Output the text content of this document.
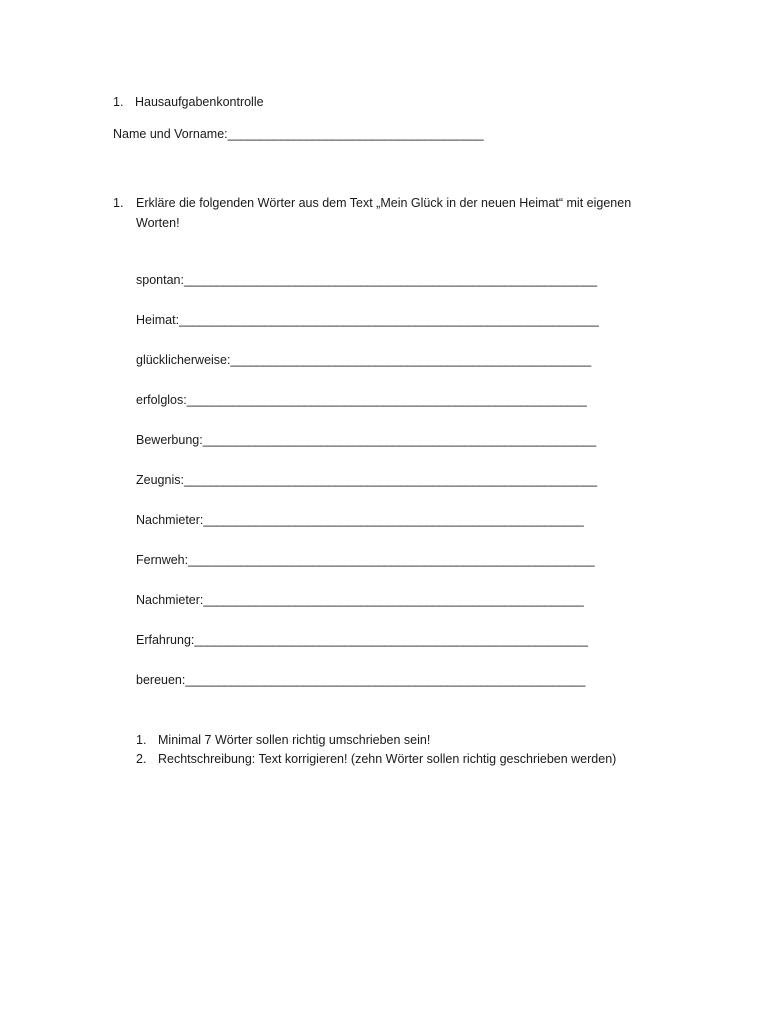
1. Hausaufgabenkontrolle
Name und Vorname:_______________________________________
1. Erkläre die folgenden Wörter aus dem Text „Mein Glück in der neuen Heimat“ mit eigenen Worten!
spontan:_______________________________________________________________
Heimat:________________________________________________________________
glücklicherweise:_______________________________________________________
erfolglos:_____________________________________________________________
Bewerbung:____________________________________________________________
Zeugnis:_______________________________________________________________
Nachmieter:__________________________________________________________
Fernweh:______________________________________________________________
Nachmieter:__________________________________________________________
Erfahrung:____________________________________________________________
bereuen:_____________________________________________________________
1. Minimal 7 Wörter sollen richtig umschrieben sein!
2. Rechtschreibung: Text korrigieren! (zehn Wörter sollen richtig geschrieben werden)
